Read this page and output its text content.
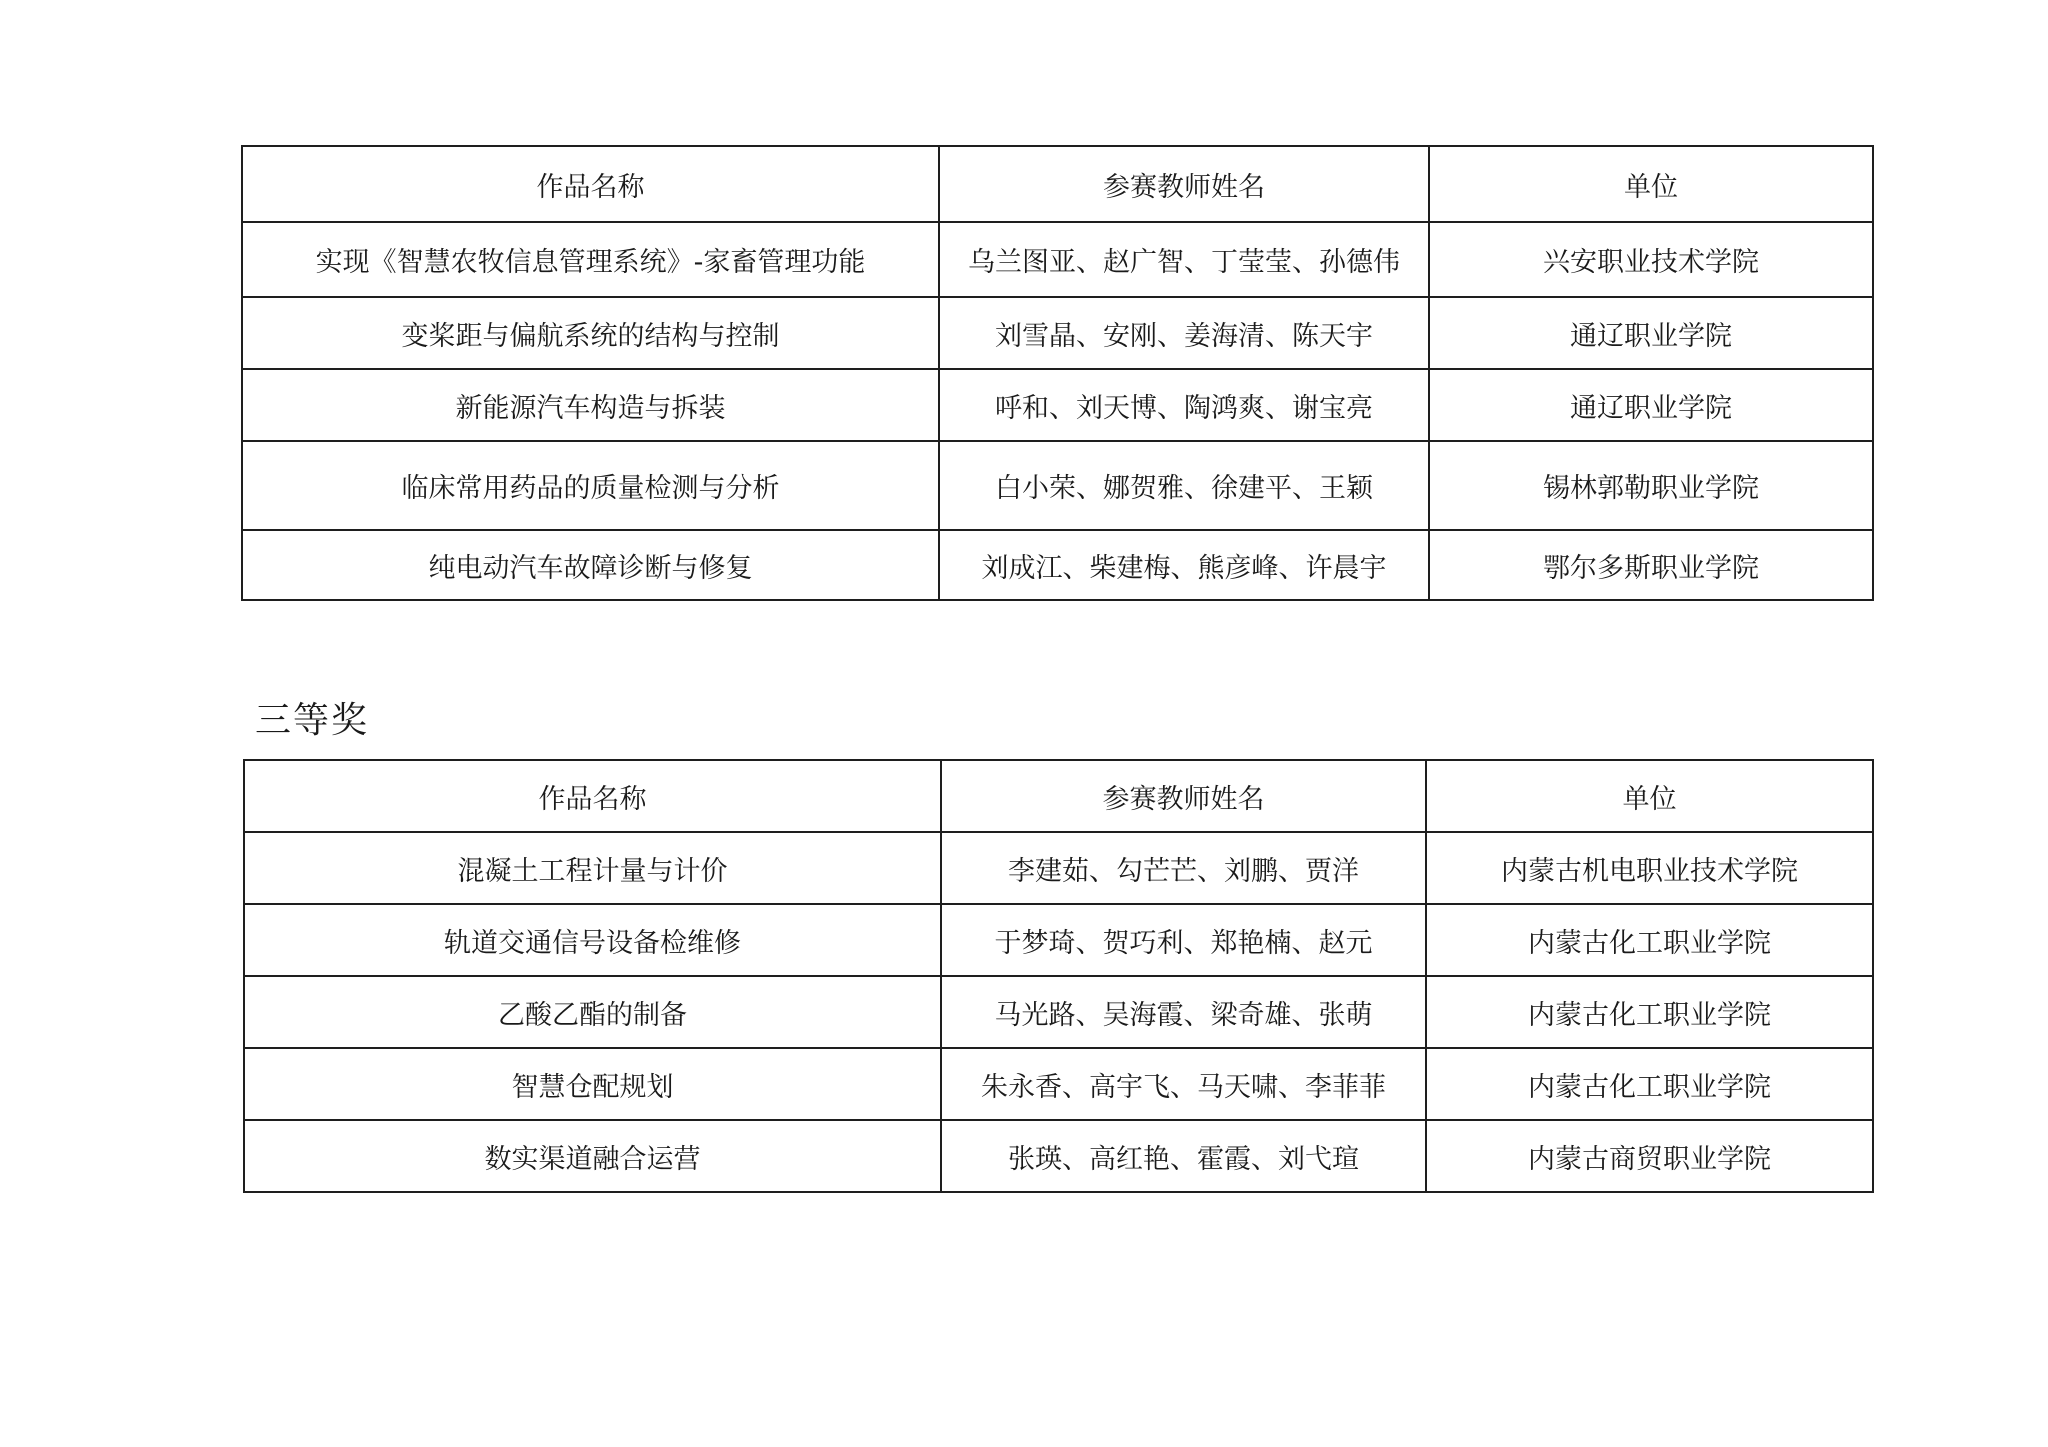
作品名称	参赛教师姓名	单位
实现《智慧农牧信息管理系统》-家畜管理功能	乌兰图亚、赵广智、丁莹莹、孙德伟	兴安职业技术学院
变桨距与偏航系统的结构与控制	刘雪晶、安刚、姜海清、陈天宇	通辽职业学院
新能源汽车构造与拆装	呼和、刘天博、陶鸿爽、谢宝亮	通辽职业学院
临床常用药品的质量检测与分析	白小荣、娜贺雅、徐建平、王颖	锡林郭勒职业学院
纯电动汽车故障诊断与修复	刘成江、柴建梅、熊彦峰、许晨宇	鄂尔多斯职业学院
三等奖
作品名称	参赛教师姓名	单位
混凝土工程计量与计价	李建茹、勾芒芒、刘鹏、贾洋	内蒙古机电职业技术学院
轨道交通信号设备检维修	于梦琦、贺巧利、郑艳楠、赵元	内蒙古化工职业学院
乙酸乙酯的制备	马光路、吴海霞、梁奇雄、张萌	内蒙古化工职业学院
智慧仓配规划	朱永香、高宇飞、马天啸、李菲菲	内蒙古化工职业学院
数实渠道融合运营	张瑛、高红艳、霍霞、刘弋瑄	内蒙古商贸职业学院
